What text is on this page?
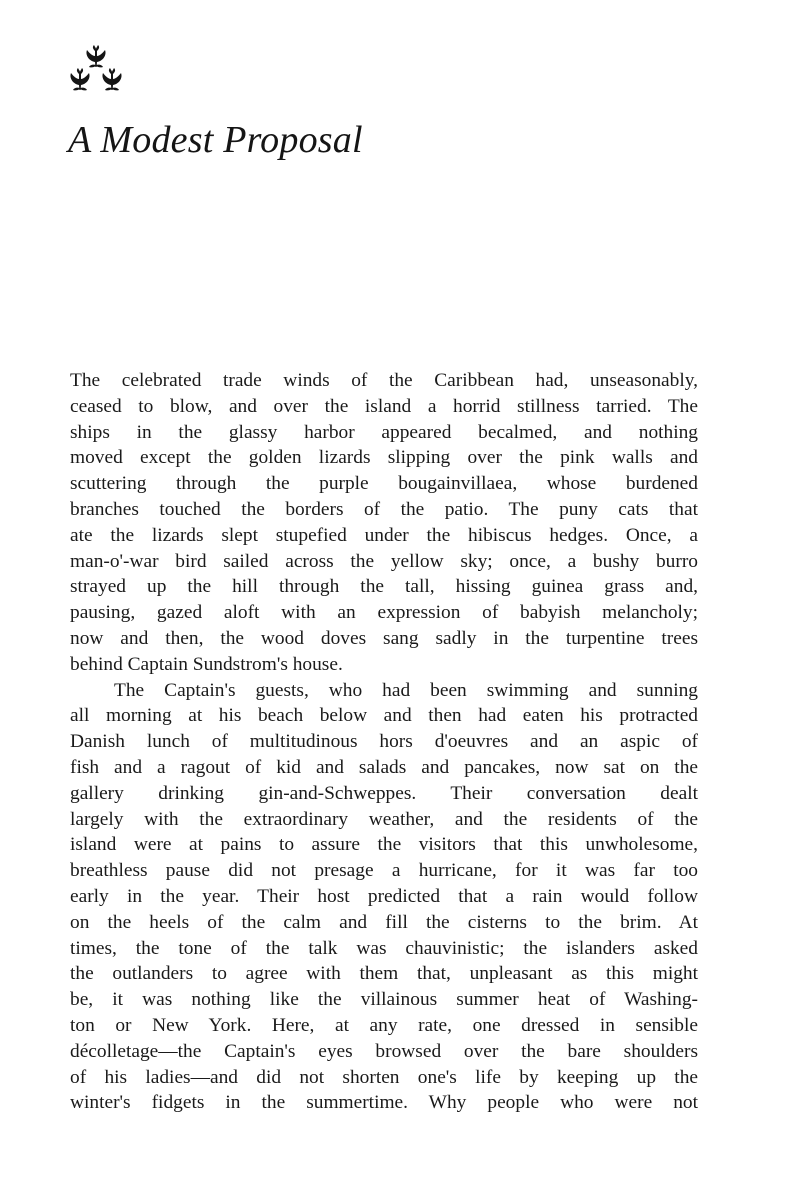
A Modest Proposal
The celebrated trade winds of the Caribbean had, unseasonably,
ceased to blow, and over the island a horrid stillness tarried. The
ships in the glassy harbor appeared becalmed, and nothing
moved except the golden lizards slipping over the pink walls and
scuttering through the purple bougainvillaea, whose burdened
branches touched the borders of the patio. The puny cats that
ate the lizards slept stupefied under the hibiscus hedges. Once, a
man-o'-war bird sailed across the yellow sky; once, a bushy burro
strayed up the hill through the tall, hissing guinea grass and,
pausing, gazed aloft with an expression of babyish melancholy;
now and then, the wood doves sang sadly in the turpentine trees
behind Captain Sundstrom's house.
The Captain's guests, who had been swimming and sunning
all morning at his beach below and then had eaten his protracted
Danish lunch of multitudinous hors d'oeuvres and an aspic of
fish and a ragout of kid and salads and pancakes, now sat on the
gallery drinking gin-and-Schweppes. Their conversation dealt
largely with the extraordinary weather, and the residents of the
island were at pains to assure the visitors that this unwholesome,
breathless pause did not presage a hurricane, for it was far too
early in the year. Their host predicted that a rain would follow
on the heels of the calm and fill the cisterns to the brim. At
times, the tone of the talk was chauvinistic; the islanders asked
the outlanders to agree with them that, unpleasant as this might
be, it was nothing like the villainous summer heat of Washing-
ton or New York. Here, at any rate, one dressed in sensible
décolletage—the Captain's eyes browsed over the bare shoulders
of his ladies—and did not shorten one's life by keeping up the
winter's fidgets in the summertime. Why people who were not
